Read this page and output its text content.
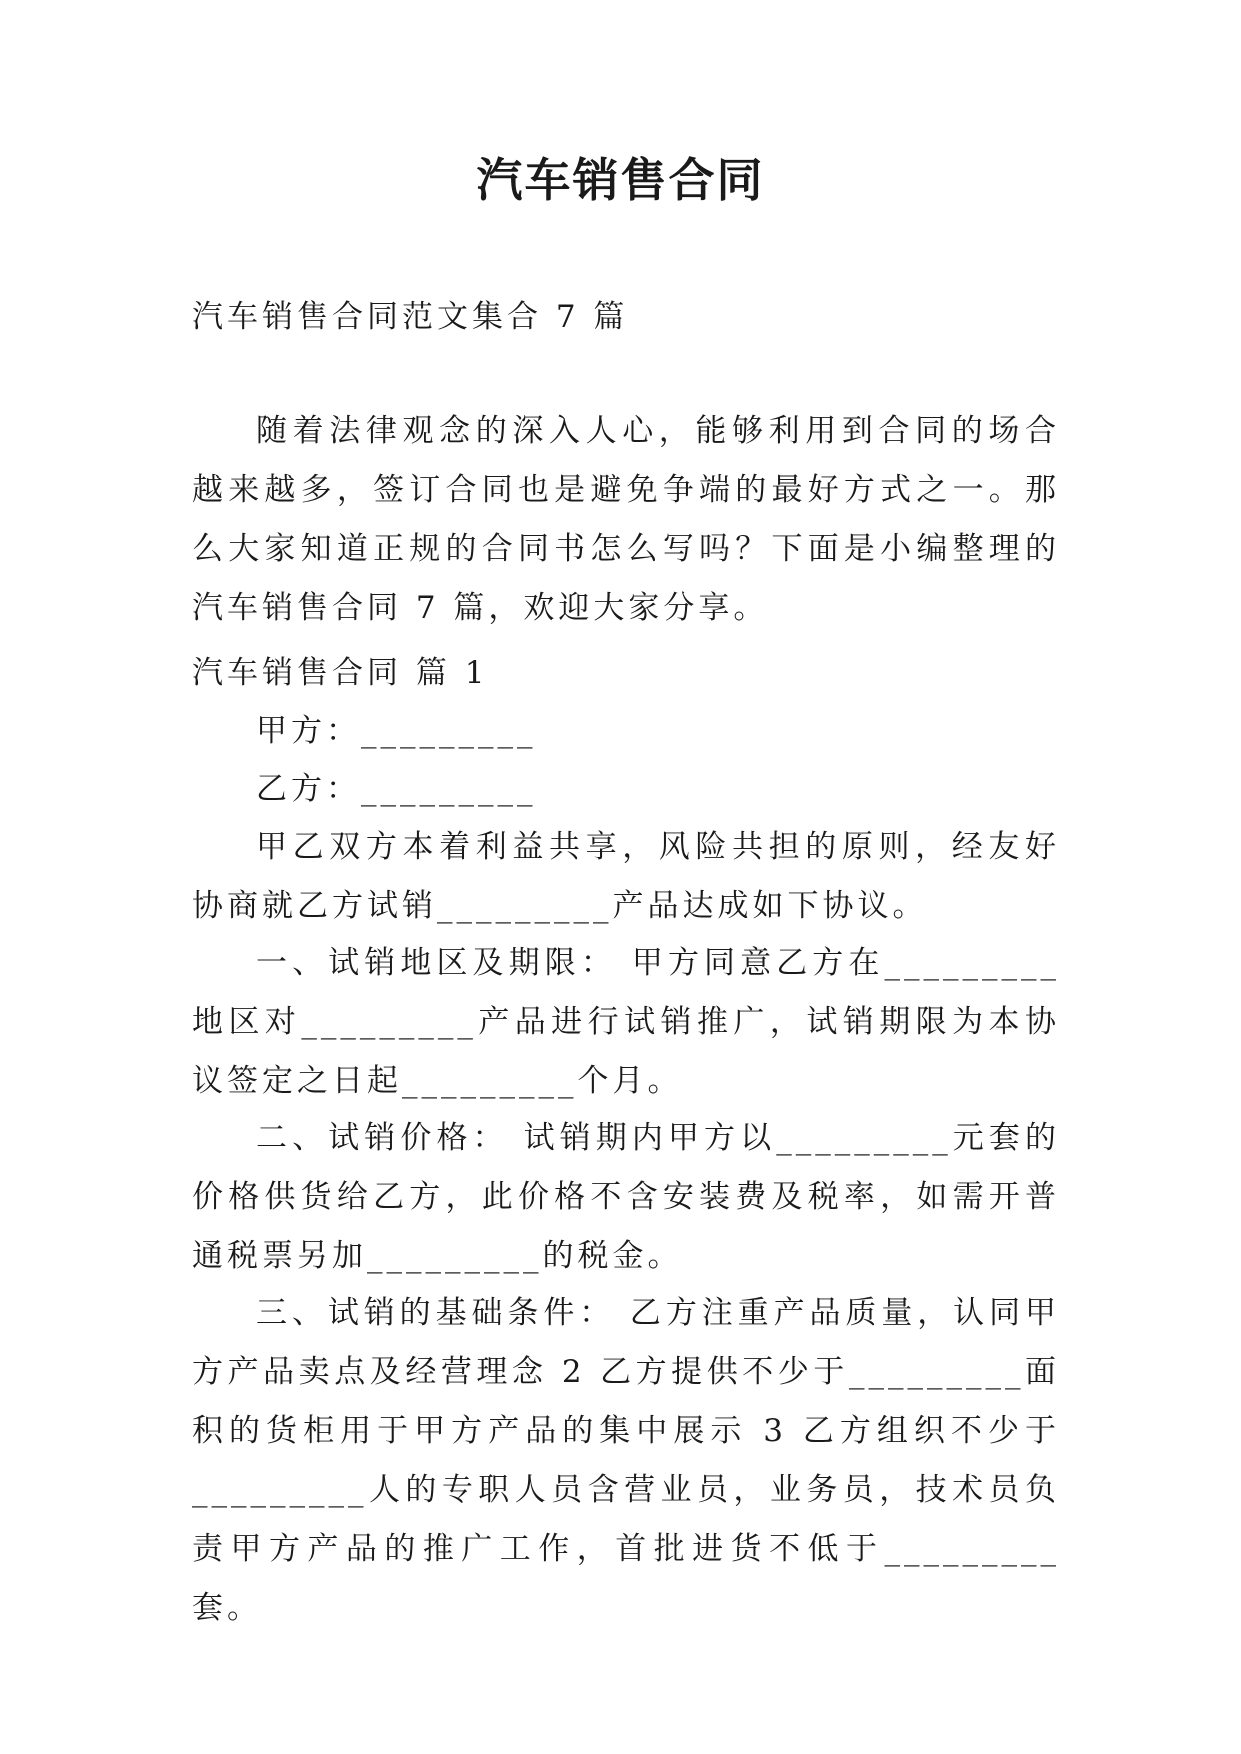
汽车销售合同

汽车销售合同范文集合 7 篇

随着法律观念的深入人心，能够利用到合同的场合越来越多，签订合同也是避免争端的最好方式之一。那么大家知道正规的合同书怎么写吗？下面是小编整理的汽车销售合同 7 篇，欢迎大家分享。

汽车销售合同 篇 1

甲方：_________

乙方：_________

甲乙双方本着利益共享，风险共担的原则，经友好协商就乙方试销_________产品达成如下协议。

一、试销地区及期限： 甲方同意乙方在_________地区对_________产品进行试销推广，试销期限为本协议签定之日起_________个月。

二、试销价格： 试销期内甲方以_________元套的价格供货给乙方，此价格不含安装费及税率，如需开普通税票另加_________的税金。

三、试销的基础条件： 乙方注重产品质量，认同甲方产品卖点及经营理念 2 乙方提供不少于_________面积的货柜用于甲方产品的集中展示 3 乙方组织不少于_________人的专职人员含营业员，业务员，技术员负责甲方产品的推广工作，首批进货不低于_________套。
